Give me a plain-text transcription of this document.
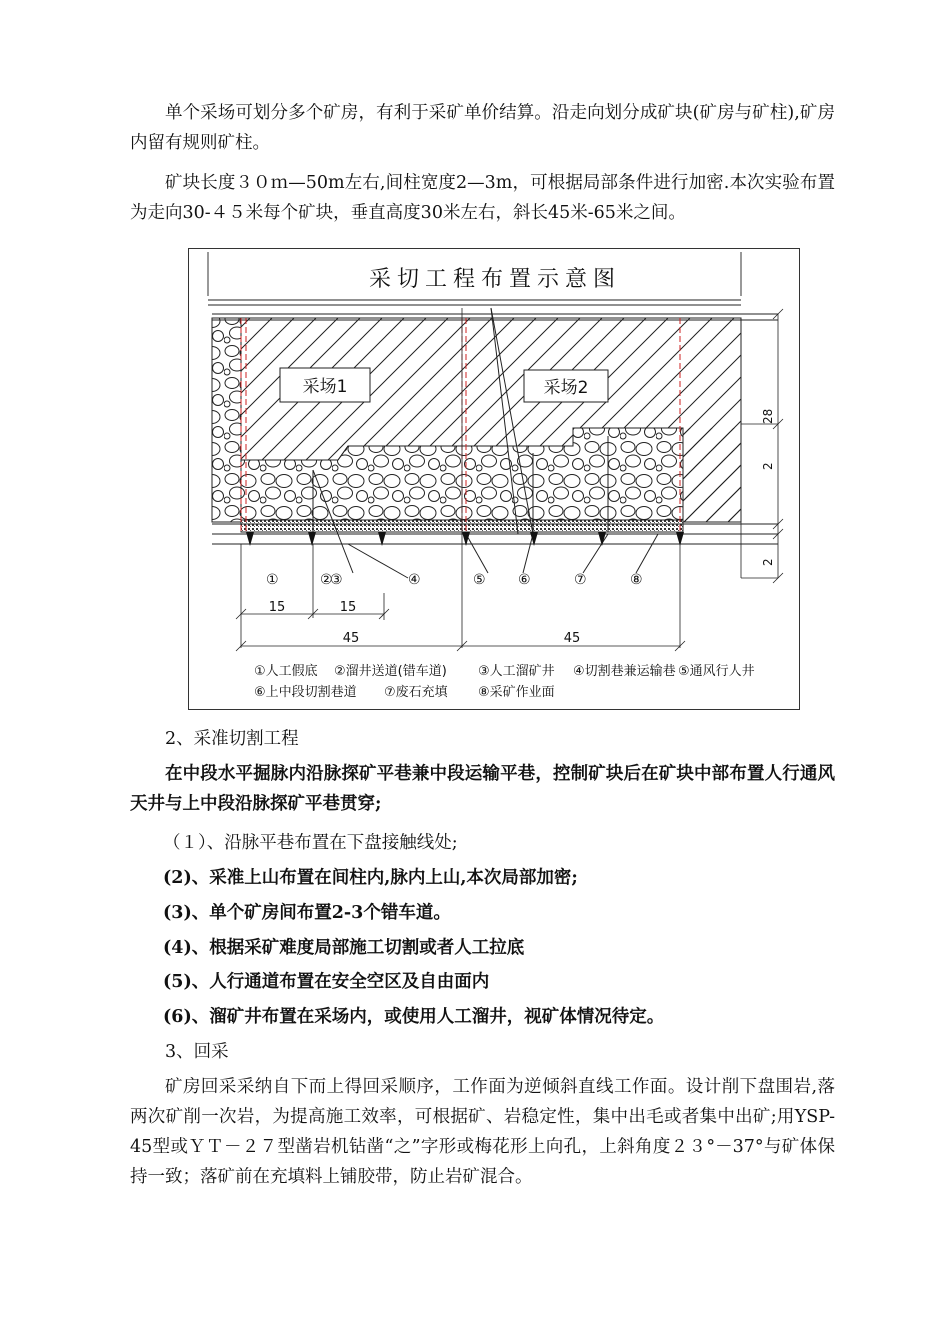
单个采场可划分多个矿房，有利于采矿单价结算。沿走向划分成矿块(矿房与矿柱),矿房内留有规则矿柱。

矿块长度３０ｍ—50m左右,间柱宽度2—3m，可根据局部条件进行加密.本次实验布置为走向30-４５米每个矿块，垂直高度30米左右，斜长45米-65米之间。

采切工程布置示意图
采场1	采场2
①	②
③	④	⑤ ⑥	⑦	⑧
15	15
45	45
28
2
2
①人工假底 ②溜井送道(错车道) ③人工溜矿井 ④切割巷兼运输巷 ⑤通风行人井
⑥上中段切割巷道 ⑦废石充填 ⑧采矿作业面

2、采准切割工程

在中段水平掘脉内沿脉探矿平巷兼中段运输平巷，控制矿块后在矿块中部布置人行通风天井与上中段沿脉探矿平巷贯穿;

（１）、沿脉平巷布置在下盘接触线处;

(2)、采准上山布置在间柱内,脉内上山,本次局部加密;

(3)、单个矿房间布置2-3个错车道。

(4)、根据采矿难度局部施工切割或者人工拉底

(5)、人行通道布置在安全空区及自由面内

(6)、溜矿井布置在采场内，或使用人工溜井，视矿体情况待定。

3、回采

矿房回采采纳自下而上得回采顺序，工作面为逆倾斜直线工作面。设计削下盘围岩,落两次矿削一次岩，为提高施工效率，可根据矿、岩稳定性，集中出毛或者集中出矿;用YSP-45型或ＹＴ－２７型凿岩机钻凿“之”字形或梅花形上向孔，上斜角度２３°－37°与矿体保持一致；落矿前在充填料上铺胶带，防止岩矿混合。
